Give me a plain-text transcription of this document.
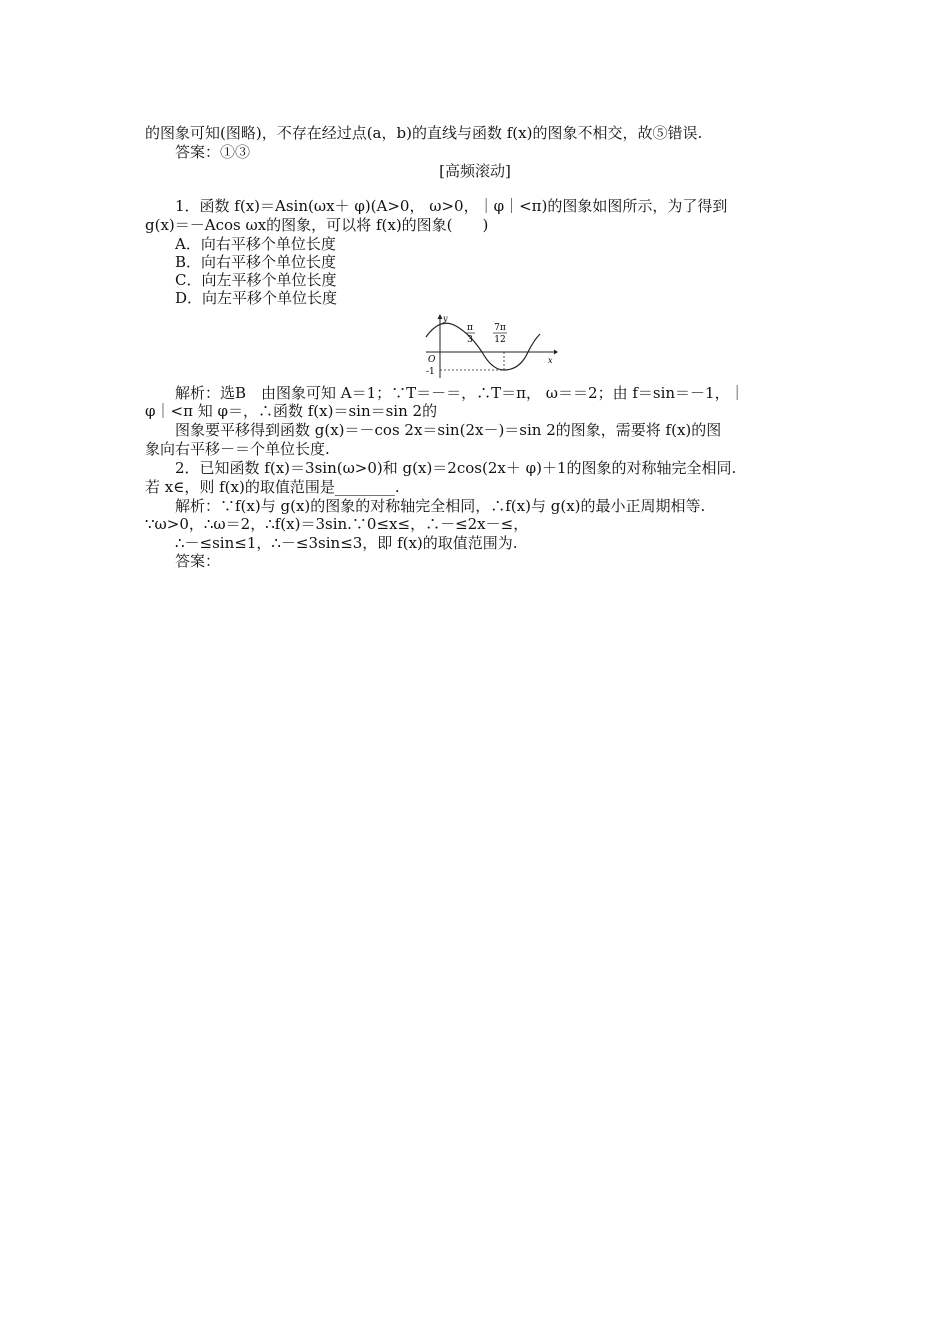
的图象可知(图略)，不存在经过点(a，b)的直线与函数 f(x)的图象不相交，故⑤错误.
答案：①③
[高频滚动]
1．函数 f(x)＝Asin(ωx＋ φ)(A>0， ω>0，｜φ｜<π)的图象如图所示，为了得到
g(x)＝－Acos ωx的图象，可以将 f(x)的图象(　　)
A．向右平移个单位长度
B．向右平移个单位长度
C．向左平移个单位长度
D．向左平移个单位长度
y
x
O
-1
π
3
7π
12
解析：选B　由图象可知 A＝1；∵T＝－＝，∴T＝π， ω＝＝2；由 f＝sin＝－1，｜
φ｜<π 知 φ＝，∴函数 f(x)＝sin＝sin 2的
图象要平移得到函数 g(x)＝－cos 2x＝sin(2x－)＝sin 2的图象，需要将 f(x)的图
象向右平移－＝个单位长度.
2．已知函数 f(x)＝3sin(ω>0)和 g(x)＝2cos(2x＋ φ)＋1的图象的对称轴完全相同.
若 x∈，则 f(x)的取值范围是________.
解析：∵f(x)与 g(x)的图象的对称轴完全相同，∴f(x)与 g(x)的最小正周期相等.
∵ω>0，∴ω＝2，∴f(x)＝3sin.∵0≤x≤，∴－≤2x－≤，
∴－≤sin≤1，∴－≤3sin≤3，即 f(x)的取值范围为.
答案：
